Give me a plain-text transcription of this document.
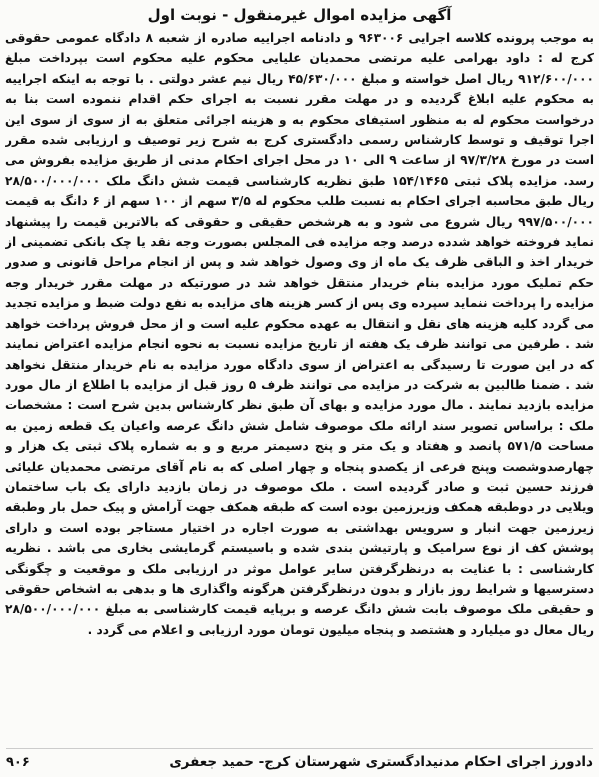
آگهی مزایده اموال غیرمنقول - نوبت اول

به موجب پرونده کلاسه اجرایی ۹۶۳۰۰۶ و دادنامه اجراییه صادره از شعبه ۸ دادگاه عمومی حقوقی کرج له : داود بهرامی علیه مرتضی محمدیان علیایی محکوم علیه محکوم است بپرداخت مبلغ ۹۱۲/۶۰۰/۰۰۰ ریال اصل خواسته و مبلغ ۴۵/۶۳۰/۰۰۰ ریال نیم عشر دولتی . با توجه به اینکه اجراییه به محکوم علیه ابلاغ گردیده و در مهلت مقرر نسبت به اجرای حکم اقدام ننموده است بنا به درخواست محکوم له به منظور استیفای محکوم به و هزینه اجرائی متعلق به از سوی از سوی این اجرا توقیف و توسط کارشناس رسمی دادگستری کرج به شرح زیر توصیف و ارزیابی شده مقرر است در مورخ ۹۷/۳/۲۸ از ساعت ۹ الی ۱۰ در محل اجرای احکام مدنی از طریق مزایده بفروش می رسد. مزایده پلاک ثبتی ۱۵۴/۱۴۶۵ طبق نظریه کارشناسی قیمت شش دانگ ملک ۲۸/۵۰۰/۰۰۰/۰۰۰ ریال طبق محاسبه اجرای احکام به نسبت طلب محکوم له ۳/۵ سهم از ۱۰۰ سهم از ۶ دانگ به قیمت ۹۹۷/۵۰۰/۰۰۰ ریال شروع می شود و به هرشخص حقیقی و حقوقی که بالاترین قیمت را پیشنهاد نماید فروخته خواهد شدده درصد وجه مزایده فی المجلس بصورت وجه نقد یا چک بانکی تضمینی از خریدار اخذ و الباقی ظرف یک ماه از وی وصول خواهد شد و پس از انجام مراحل قانونی و صدور حکم تملیک مورد مزایده بنام خریدار منتقل خواهد شد در صورتیکه در مهلت مقرر خریدار وجه مزایده را پرداخت ننماید سپرده وی پس از کسر هزینه های مزایده به نفع دولت ضبط و مزایده تجدید می گردد کلیه هزینه های نقل و انتقال به عهده محکوم علیه است و از محل فروش پرداخت خواهد شد . طرفین می توانند ظرف یک هفته از تاریخ مزایده نسبت به نحوه انجام مزایده اعتراض نمایند که در این صورت تا رسیدگی به اعتراض از سوی دادگاه مورد مزایده به نام خریدار منتقل نخواهد شد . ضمنا طالبین به شرکت در مزایده می توانند ظرف ۵ روز قبل از مزایده با اطلاع از مال مورد مزایده بازدید نمایند . مال مورد مزایده و بهای آن طبق نظر کارشناس بدین شرح است : مشخصات ملک : براساس تصویر سند ارائه ملک موصوف شامل شش دانگ عرصه واعیان یک قطعه زمین به مساحت ۵۷۱/۵ پانصد و هفتاد و یک متر و پنج دسیمتر مربع و و به شماره پلاک ثبتی یک هزار و چهارصدوشصت وپنج فرعی از یکصدو پنجاه و چهار اصلی که به نام آقای مرتضی محمدیان علیائی فرزند حسین ثبت و صادر گردیده است . ملک موصوف در زمان بازدید دارای یک باب ساختمان ویلایی در دوطبقه همکف وزیرزمین بوده است که طبقه همکف جهت آرامش و پیک حمل بار وطبقه زیرزمین جهت انبار و سرویس بهداشتی به صورت اجاره در اختیار مستاجر بوده است و دارای پوشش کف از نوع سرامیک و پارتیشن بندی شده و باسیستم گرمایشی بخاری می باشد . نظریه کارشناسی : با عنایت به درنظرگرفتن سایر عوامل موثر در ارزیابی ملک و موقعیت و چگونگی دسترسیها و شرایط روز بازار و بدون درنظرگرفتن هرگونه واگذاری ها و بدهی به اشخاص حقوقی و حقیقی ملک موصوف بابت شش دانگ عرصه و برپایه قیمت کارشناسی به مبلغ ۲۸/۵۰۰/۰۰۰/۰۰۰ ریال معال دو میلیارد و هشتصد و پنجاه میلیون تومان مورد ارزیابی و اعلام می گردد .

دادورز اجرای احکام مدنیدادگستری شهرستان کرج- حمید جعفری
۹۰۶
